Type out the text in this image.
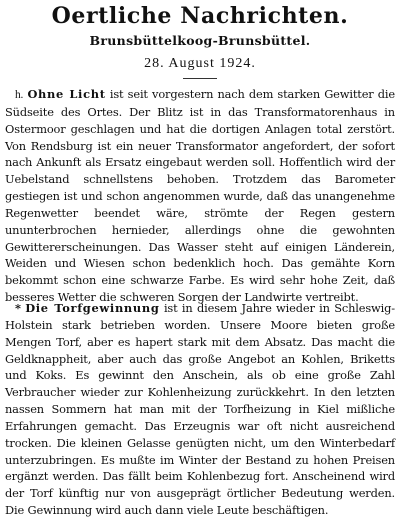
Oertliche Nachrichten.
Brunsbüttelkoog-Brunsbüttel.
28. August 1924.

h. Ohne Licht ist seit vorgestern nach dem starken Gewitter die Südseite des Ortes. Der Blitz ist in das Transformatorenhaus in Ostermoor geschlagen und hat die dortigen Anlagen total zerstört. Von Rendsburg ist ein neuer Transformator angefordert, der sofort nach Ankunft als Ersatz eingebaut werden soll. Hoffentlich wird der Uebelstand schnellstens behoben. Trotzdem das Barometer gestiegen ist und schon angenommen wurde, daß das unangenehme Regenwetter beendet wäre, strömte der Regen gestern ununterbrochen hernieder, allerdings ohne die gewohnten Gewittererscheinungen. Das Wasser steht auf einigen Länderein, Weiden und Wiesen schon bedenklich hoch. Das gemähte Korn bekommt schon eine schwarze Farbe. Es wird sehr hohe Zeit, daß besseres Wetter die schweren Sorgen der Landwirte vertreibt.

* Die Torfgewinnung ist in diesem Jahre wieder in Schleswig-Holstein stark betrieben worden. Unsere Moore bieten große Mengen Torf, aber es hapert stark mit dem Absatz. Das macht die Geldknappheit, aber auch das große Angebot an Kohlen, Briketts und Koks. Es gewinnt den Anschein, als ob eine große Zahl Verbraucher wieder zur Kohlenheizung zurückkehrt. In den letzten nassen Sommern hat man mit der Torfheizung in Kiel mißliche Erfahrungen gemacht. Das Erzeugnis war oft nicht ausreichend trocken. Die kleinen Gelasse genügten nicht, um den Winterbedarf unterzubringen. Es mußte im Winter der Bestand zu hohen Preisen ergänzt werden. Das fällt beim Kohlenbezug fort. Anscheinend wird der Torf künftig nur von ausgeprägt örtlicher Bedeutung werden. Die Gewinnung wird auch dann viele Leute beschäftigen.
